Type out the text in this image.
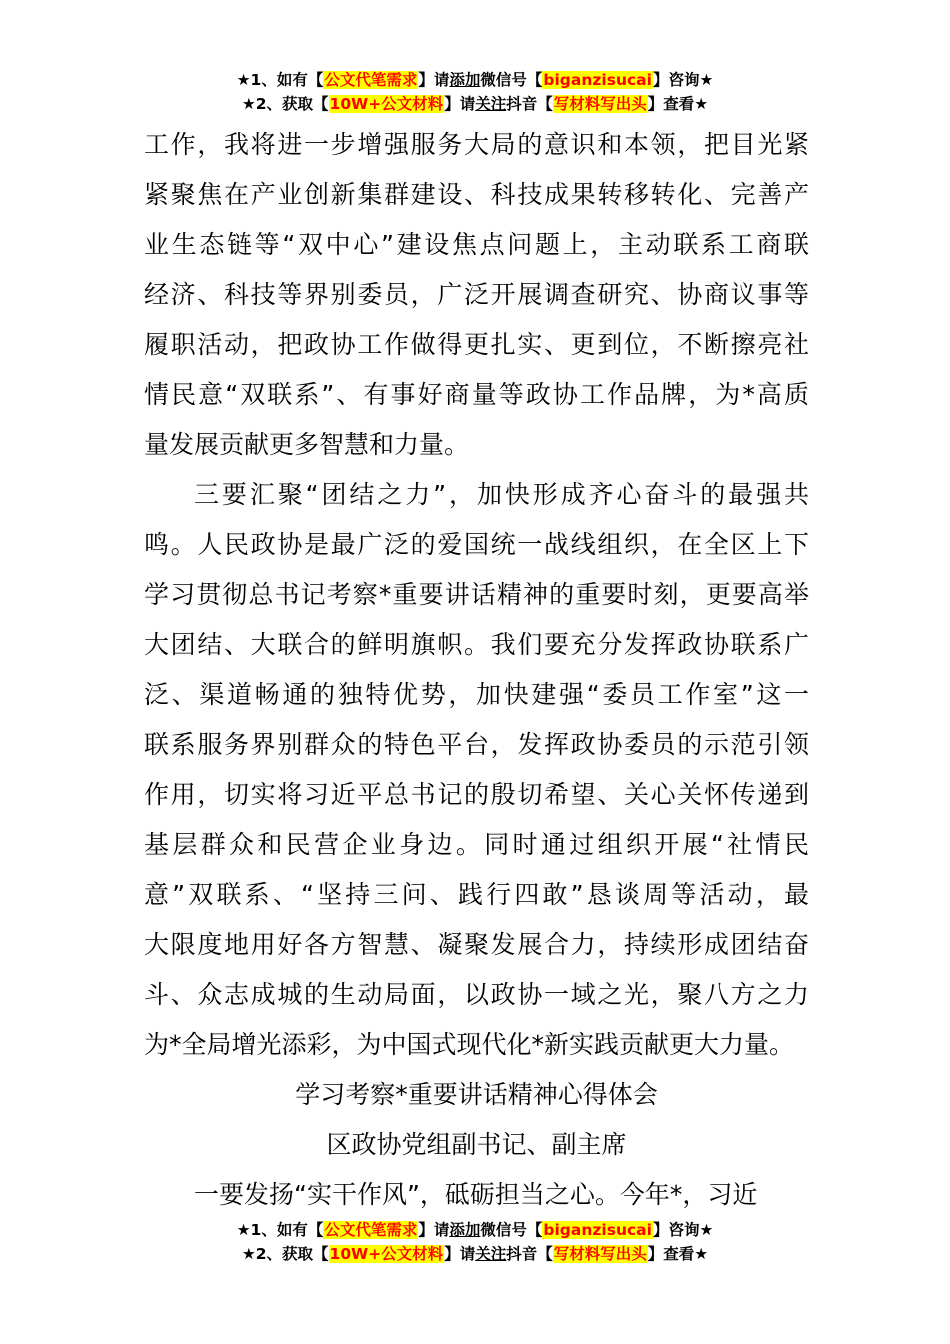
★1、如有【公文代笔需求】请添加微信号【biganzisucai】咨询★
★2、获取【10W+公文材料】请关注抖音【写材料写出头】查看★
工作，我将进一步增强服务大局的意识和本领，把目光紧
紧聚焦在产业创新集群建设、科技成果转移转化、完善产
业生态链等“双中心”建设焦点问题上，主动联系工商联
经济、科技等界别委员，广泛开展调查研究、协商议事等
履职活动，把政协工作做得更扎实、更到位，不断擦亮社
情民意“双联系”、有事好商量等政协工作品牌，为*高质
量发展贡献更多智慧和力量。
三要汇聚“团结之力”，加快形成齐心奋斗的最强共
鸣。人民政协是最广泛的爱国统一战线组织，在全区上下
学习贯彻总书记考察*重要讲话精神的重要时刻，更要高举
大团结、大联合的鲜明旗帜。我们要充分发挥政协联系广
泛、渠道畅通的独特优势，加快建强“委员工作室”这一
联系服务界别群众的特色平台，发挥政协委员的示范引领
作用，切实将习近平总书记的殷切希望、关心关怀传递到
基层群众和民营企业身边。同时通过组织开展“社情民
意”双联系、“坚持三问、践行四敢”恳谈周等活动，最
大限度地用好各方智慧、凝聚发展合力，持续形成团结奋
斗、众志成城的生动局面，以政协一域之光，聚八方之力
为*全局增光添彩，为中国式现代化*新实践贡献更大力量。
学习考察*重要讲话精神心得体会
区政协党组副书记、副主席
一要发扬“实干作风”，砥砺担当之心。今年*，习近
★1、如有【公文代笔需求】请添加微信号【biganzisucai】咨询★
★2、获取【10W+公文材料】请关注抖音【写材料写出头】查看★
